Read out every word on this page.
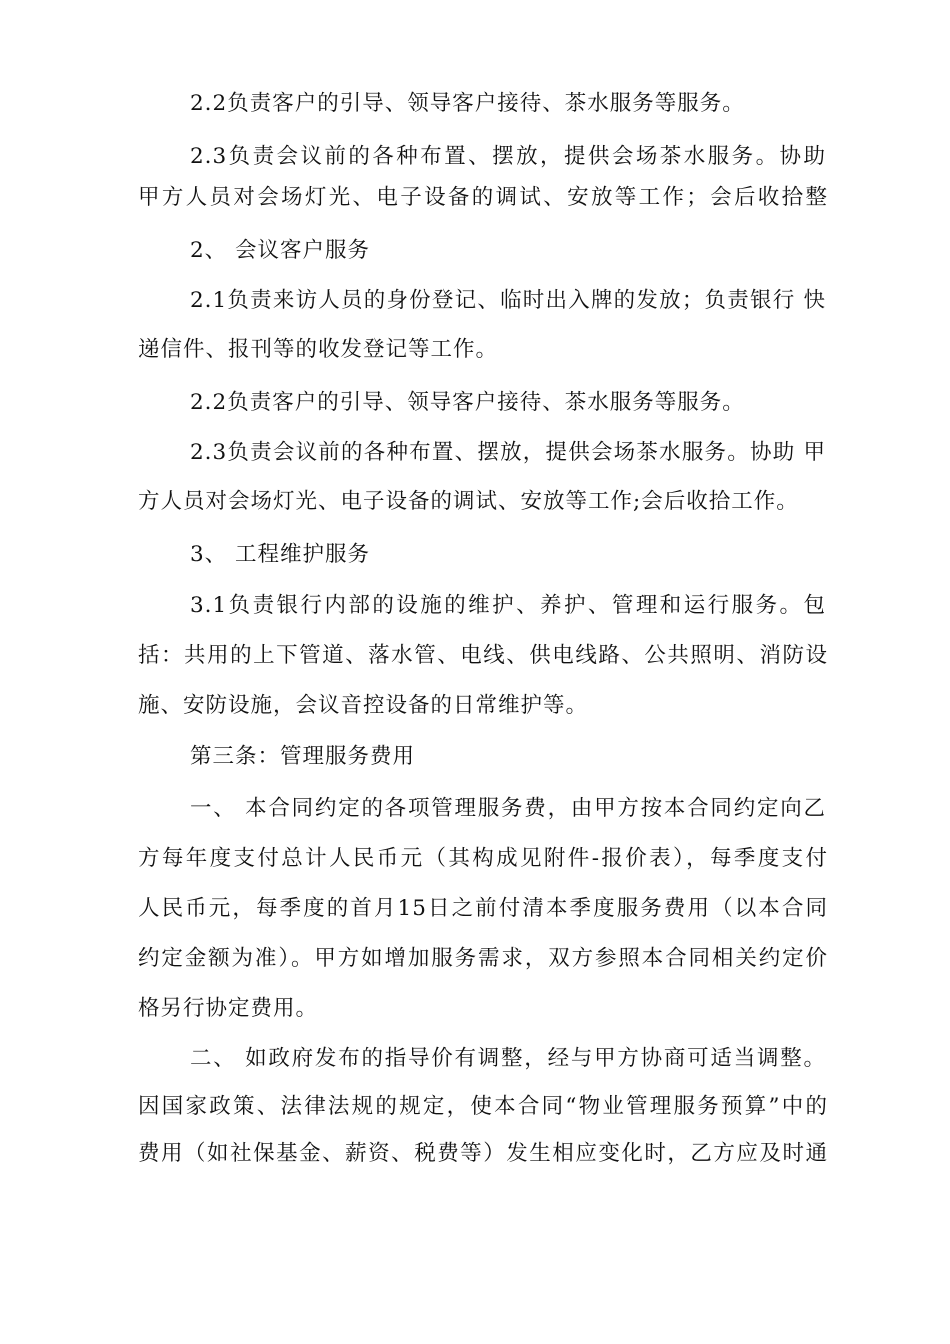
2.2负责客户的引导、领导客户接待、茶水服务等服务。
2.3负责会议前的各种布置、摆放，提供会场茶水服务。协助
甲方人员对会场灯光、电子设备的调试、安放等工作；会后收拾整
2、 会议客户服务
2.1负责来访人员的身份登记、临时出入牌的发放；负责银行 快
递信件、报刊等的收发登记等工作。
2.2负责客户的引导、领导客户接待、茶水服务等服务。
2.3负责会议前的各种布置、摆放，提供会场茶水服务。协助 甲
方人员对会场灯光、电子设备的调试、安放等工作;会后收拾工作。
3、 工程维护服务
3.1负责银行内部的设施的维护、养护、管理和运行服务。包
括：共用的上下管道、落水管、电线、供电线路、公共照明、消防设
施、安防设施，会议音控设备的日常维护等。
第三条：管理服务费用
一、 本合同约定的各项管理服务费，由甲方按本合同约定向乙
方每年度支付总计人民币元（其构成见附件-报价表），每季度支付
人民币元，每季度的首月15日之前付清本季度服务费用（以本合同
约定金额为准）。甲方如增加服务需求，双方参照本合同相关约定价
格另行协定费用。
二、 如政府发布的指导价有调整，经与甲方协商可适当调整。
因国家政策、法律法规的规定，使本合同“物业管理服务预算”中的
费用（如社保基金、薪资、税费等）发生相应变化时，乙方应及时通
